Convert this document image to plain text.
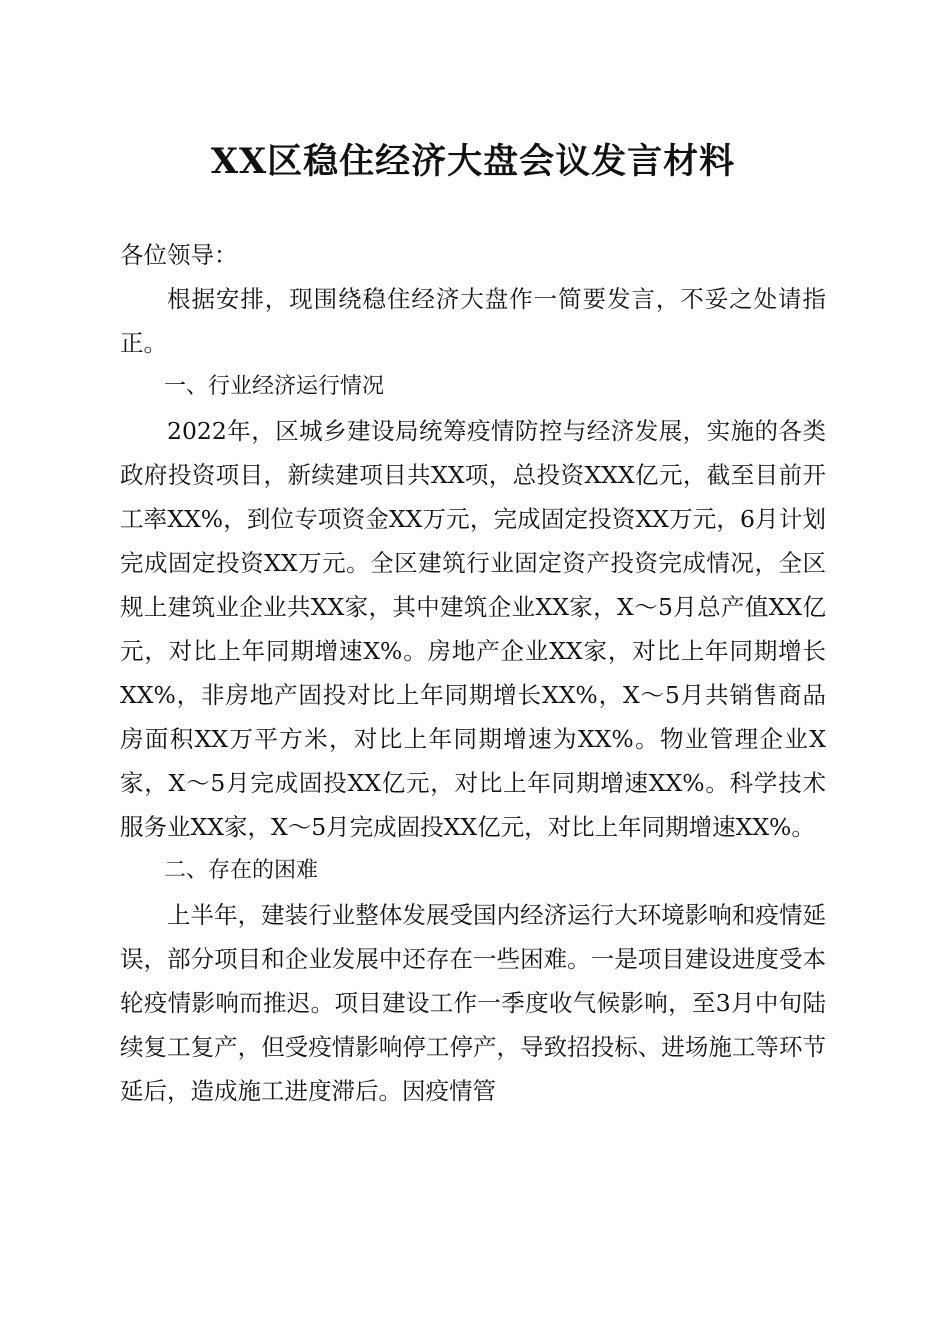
XX区稳住经济大盘会议发言材料

各位领导：

根据安排，现围绕稳住经济大盘作一简要发言，不妥之处请指正。

一、行业经济运行情况

2022年，区城乡建设局统筹疫情防控与经济发展，实施的各类政府投资项目，新续建项目共XX项，总投资XXX亿元，截至目前开工率XX%，到位专项资金XX万元，完成固定投资XX万元，6月计划完成固定投资XX万元。全区建筑行业固定资产投资完成情况，全区规上建筑业企业共XX家，其中建筑企业XX家，X～5月总产值XX亿元，对比上年同期增速X%。房地产企业XX家，对比上年同期增长XX%，非房地产固投对比上年同期增长XX%，X～5月共销售商品房面积XX万平方米，对比上年同期增速为XX%。物业管理企业X家，X～5月完成固投XX亿元，对比上年同期增速XX%。科学技术服务业XX家，X～5月完成固投XX亿元，对比上年同期增速XX%。

二、存在的困难

上半年，建装行业整体发展受国内经济运行大环境影响和疫情延误，部分项目和企业发展中还存在一些困难。一是项目建设进度受本轮疫情影响而推迟。项目建设工作一季度收气候影响，至3月中旬陆续复工复产，但受疫情影响停工停产，导致招投标、进场施工等环节延后，造成施工进度滞后。因疫情管
